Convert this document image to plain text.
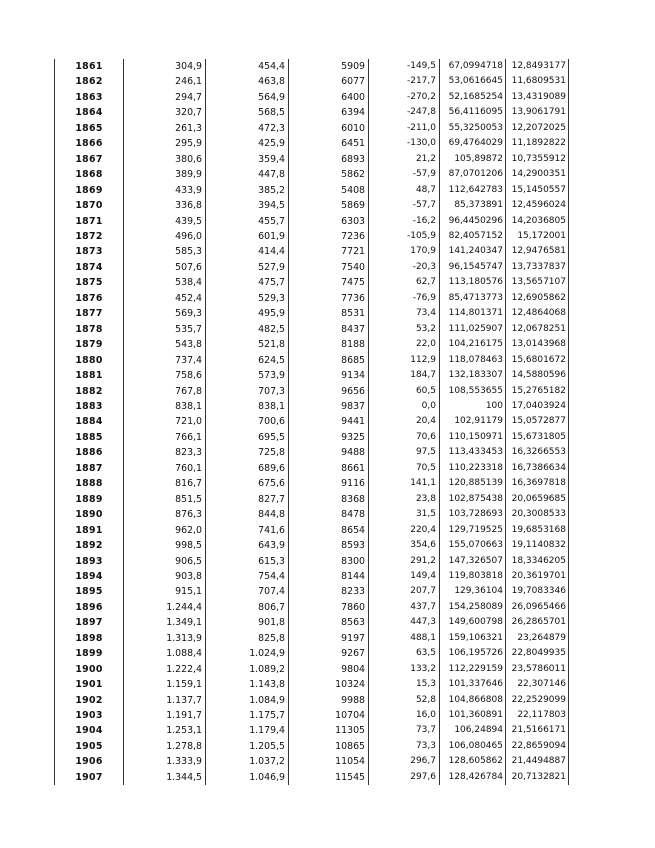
1861	304,9	454,4	5909	-149,5	67,0994718	12,8493177
1862	246,1	463,8	6077	-217,7	53,0616645	11,6809531
1863	294,7	564,9	6400	-270,2	52,1685254	13,4319089
1864	320,7	568,5	6394	-247,8	56,4116095	13,9061791
1865	261,3	472,3	6010	-211,0	55,3250053	12,2072025
1866	295,9	425,9	6451	-130,0	69,4764029	11,1892822
1867	380,6	359,4	6893	21,2	105,89872	10,7355912
1868	389,9	447,8	5862	-57,9	87,0701206	14,2900351
1869	433,9	385,2	5408	48,7	112,642783	15,1450557
1870	336,8	394,5	5869	-57,7	85,373891	12,4596024
1871	439,5	455,7	6303	-16,2	96,4450296	14,2036805
1872	496,0	601,9	7236	-105,9	82,4057152	15,172001
1873	585,3	414,4	7721	170,9	141,240347	12,9476581
1874	507,6	527,9	7540	-20,3	96,1545747	13,7337837
1875	538,4	475,7	7475	62,7	113,180576	13,5657107
1876	452,4	529,3	7736	-76,9	85,4713773	12,6905862
1877	569,3	495,9	8531	73,4	114,801371	12,4864068
1878	535,7	482,5	8437	53,2	111,025907	12,0678251
1879	543,8	521,8	8188	22,0	104,216175	13,0143968
1880	737,4	624,5	8685	112,9	118,078463	15,6801672
1881	758,6	573,9	9134	184,7	132,183307	14,5880596
1882	767,8	707,3	9656	60,5	108,553655	15,2765182
1883	838,1	838,1	9837	0,0	100	17,0403924
1884	721,0	700,6	9441	20,4	102,91179	15,0572877
1885	766,1	695,5	9325	70,6	110,150971	15,6731805
1886	823,3	725,8	9488	97,5	113,433453	16,3266553
1887	760,1	689,6	8661	70,5	110,223318	16,7386634
1888	816,7	675,6	9116	141,1	120,885139	16,3697818
1889	851,5	827,7	8368	23,8	102,875438	20,0659685
1890	876,3	844,8	8478	31,5	103,728693	20,3008533
1891	962,0	741,6	8654	220,4	129,719525	19,6853168
1892	998,5	643,9	8593	354,6	155,070663	19,1140832
1893	906,5	615,3	8300	291,2	147,326507	18,3346205
1894	903,8	754,4	8144	149,4	119,803818	20,3619701
1895	915,1	707,4	8233	207,7	129,36104	19,7083346
1896	1.244,4	806,7	7860	437,7	154,258089	26,0965466
1897	1.349,1	901,8	8563	447,3	149,600798	26,2865701
1898	1.313,9	825,8	9197	488,1	159,106321	23,264879
1899	1.088,4	1.024,9	9267	63,5	106,195726	22,8049935
1900	1.222,4	1.089,2	9804	133,2	112,229159	23,5786011
1901	1.159,1	1.143,8	10324	15,3	101,337646	22,307146
1902	1.137,7	1.084,9	9988	52,8	104,866808	22,2529099
1903	1.191,7	1.175,7	10704	16,0	101,360891	22,117803
1904	1.253,1	1.179,4	11305	73,7	106,24894	21,5166171
1905	1.278,8	1.205,5	10865	73,3	106,080465	22,8659094
1906	1.333,9	1.037,2	11054	296,7	128,605862	21,4494887
1907	1.344,5	1.046,9	11545	297,6	128,426784	20,7132821
